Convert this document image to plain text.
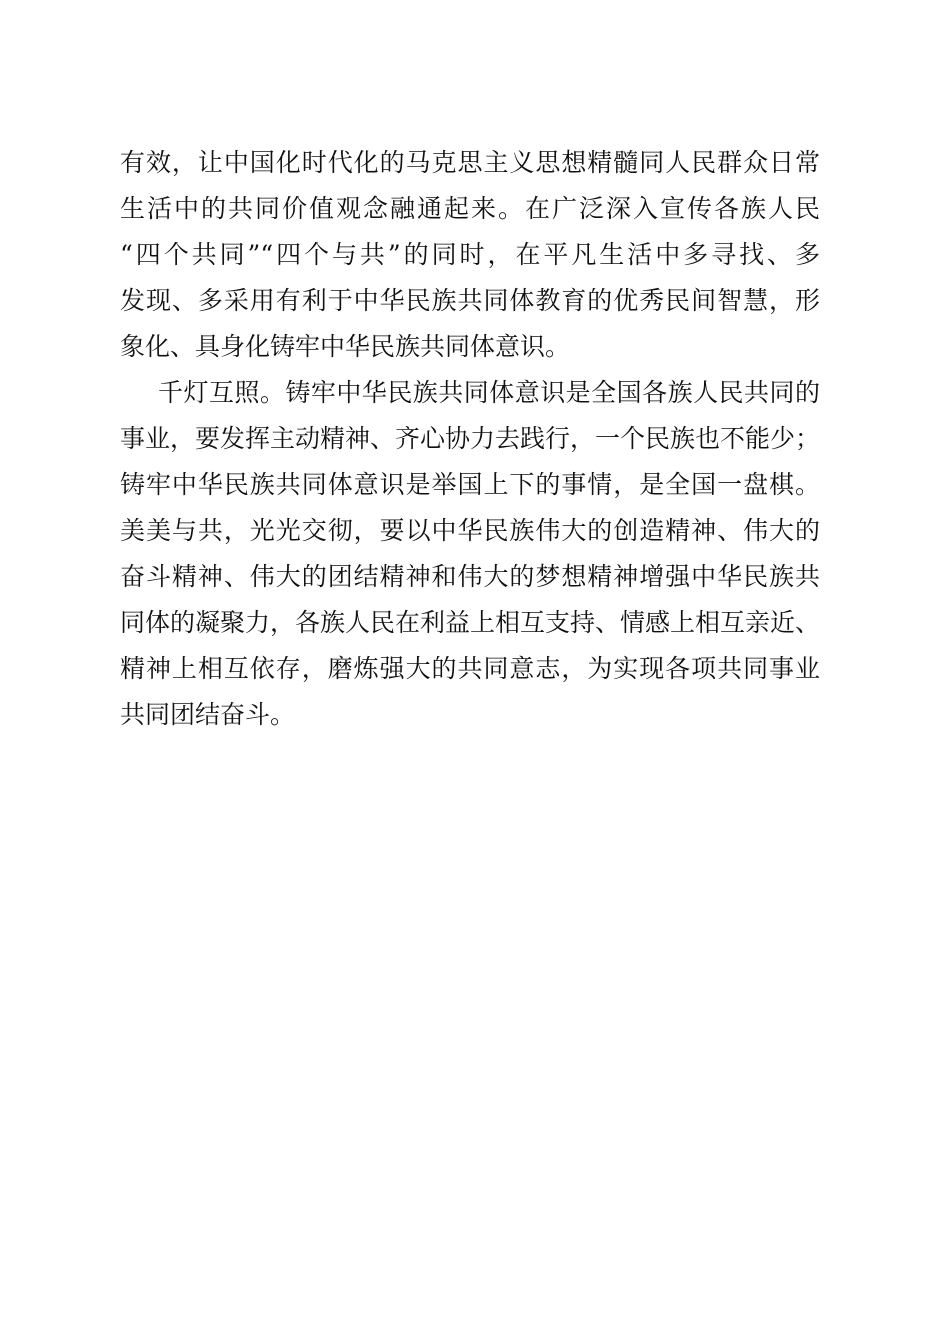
有效，让中国化时代化的马克思主义思想精髓同人民群众日常
生活中的共同价值观念融通起来。在广泛深入宣传各族人民
“四个共同”“四个与共”的同时，在平凡生活中多寻找、多
发现、多采用有利于中华民族共同体教育的优秀民间智慧，形
象化、具身化铸牢中华民族共同体意识。
千灯互照。铸牢中华民族共同体意识是全国各族人民共同的
事业，要发挥主动精神、齐心协力去践行，一个民族也不能少；
铸牢中华民族共同体意识是举国上下的事情，是全国一盘棋。
美美与共，光光交彻，要以中华民族伟大的创造精神、伟大的
奋斗精神、伟大的团结精神和伟大的梦想精神增强中华民族共
同体的凝聚力，各族人民在利益上相互支持、情感上相互亲近、
精神上相互依存，磨炼强大的共同意志，为实现各项共同事业
共同团结奋斗。
